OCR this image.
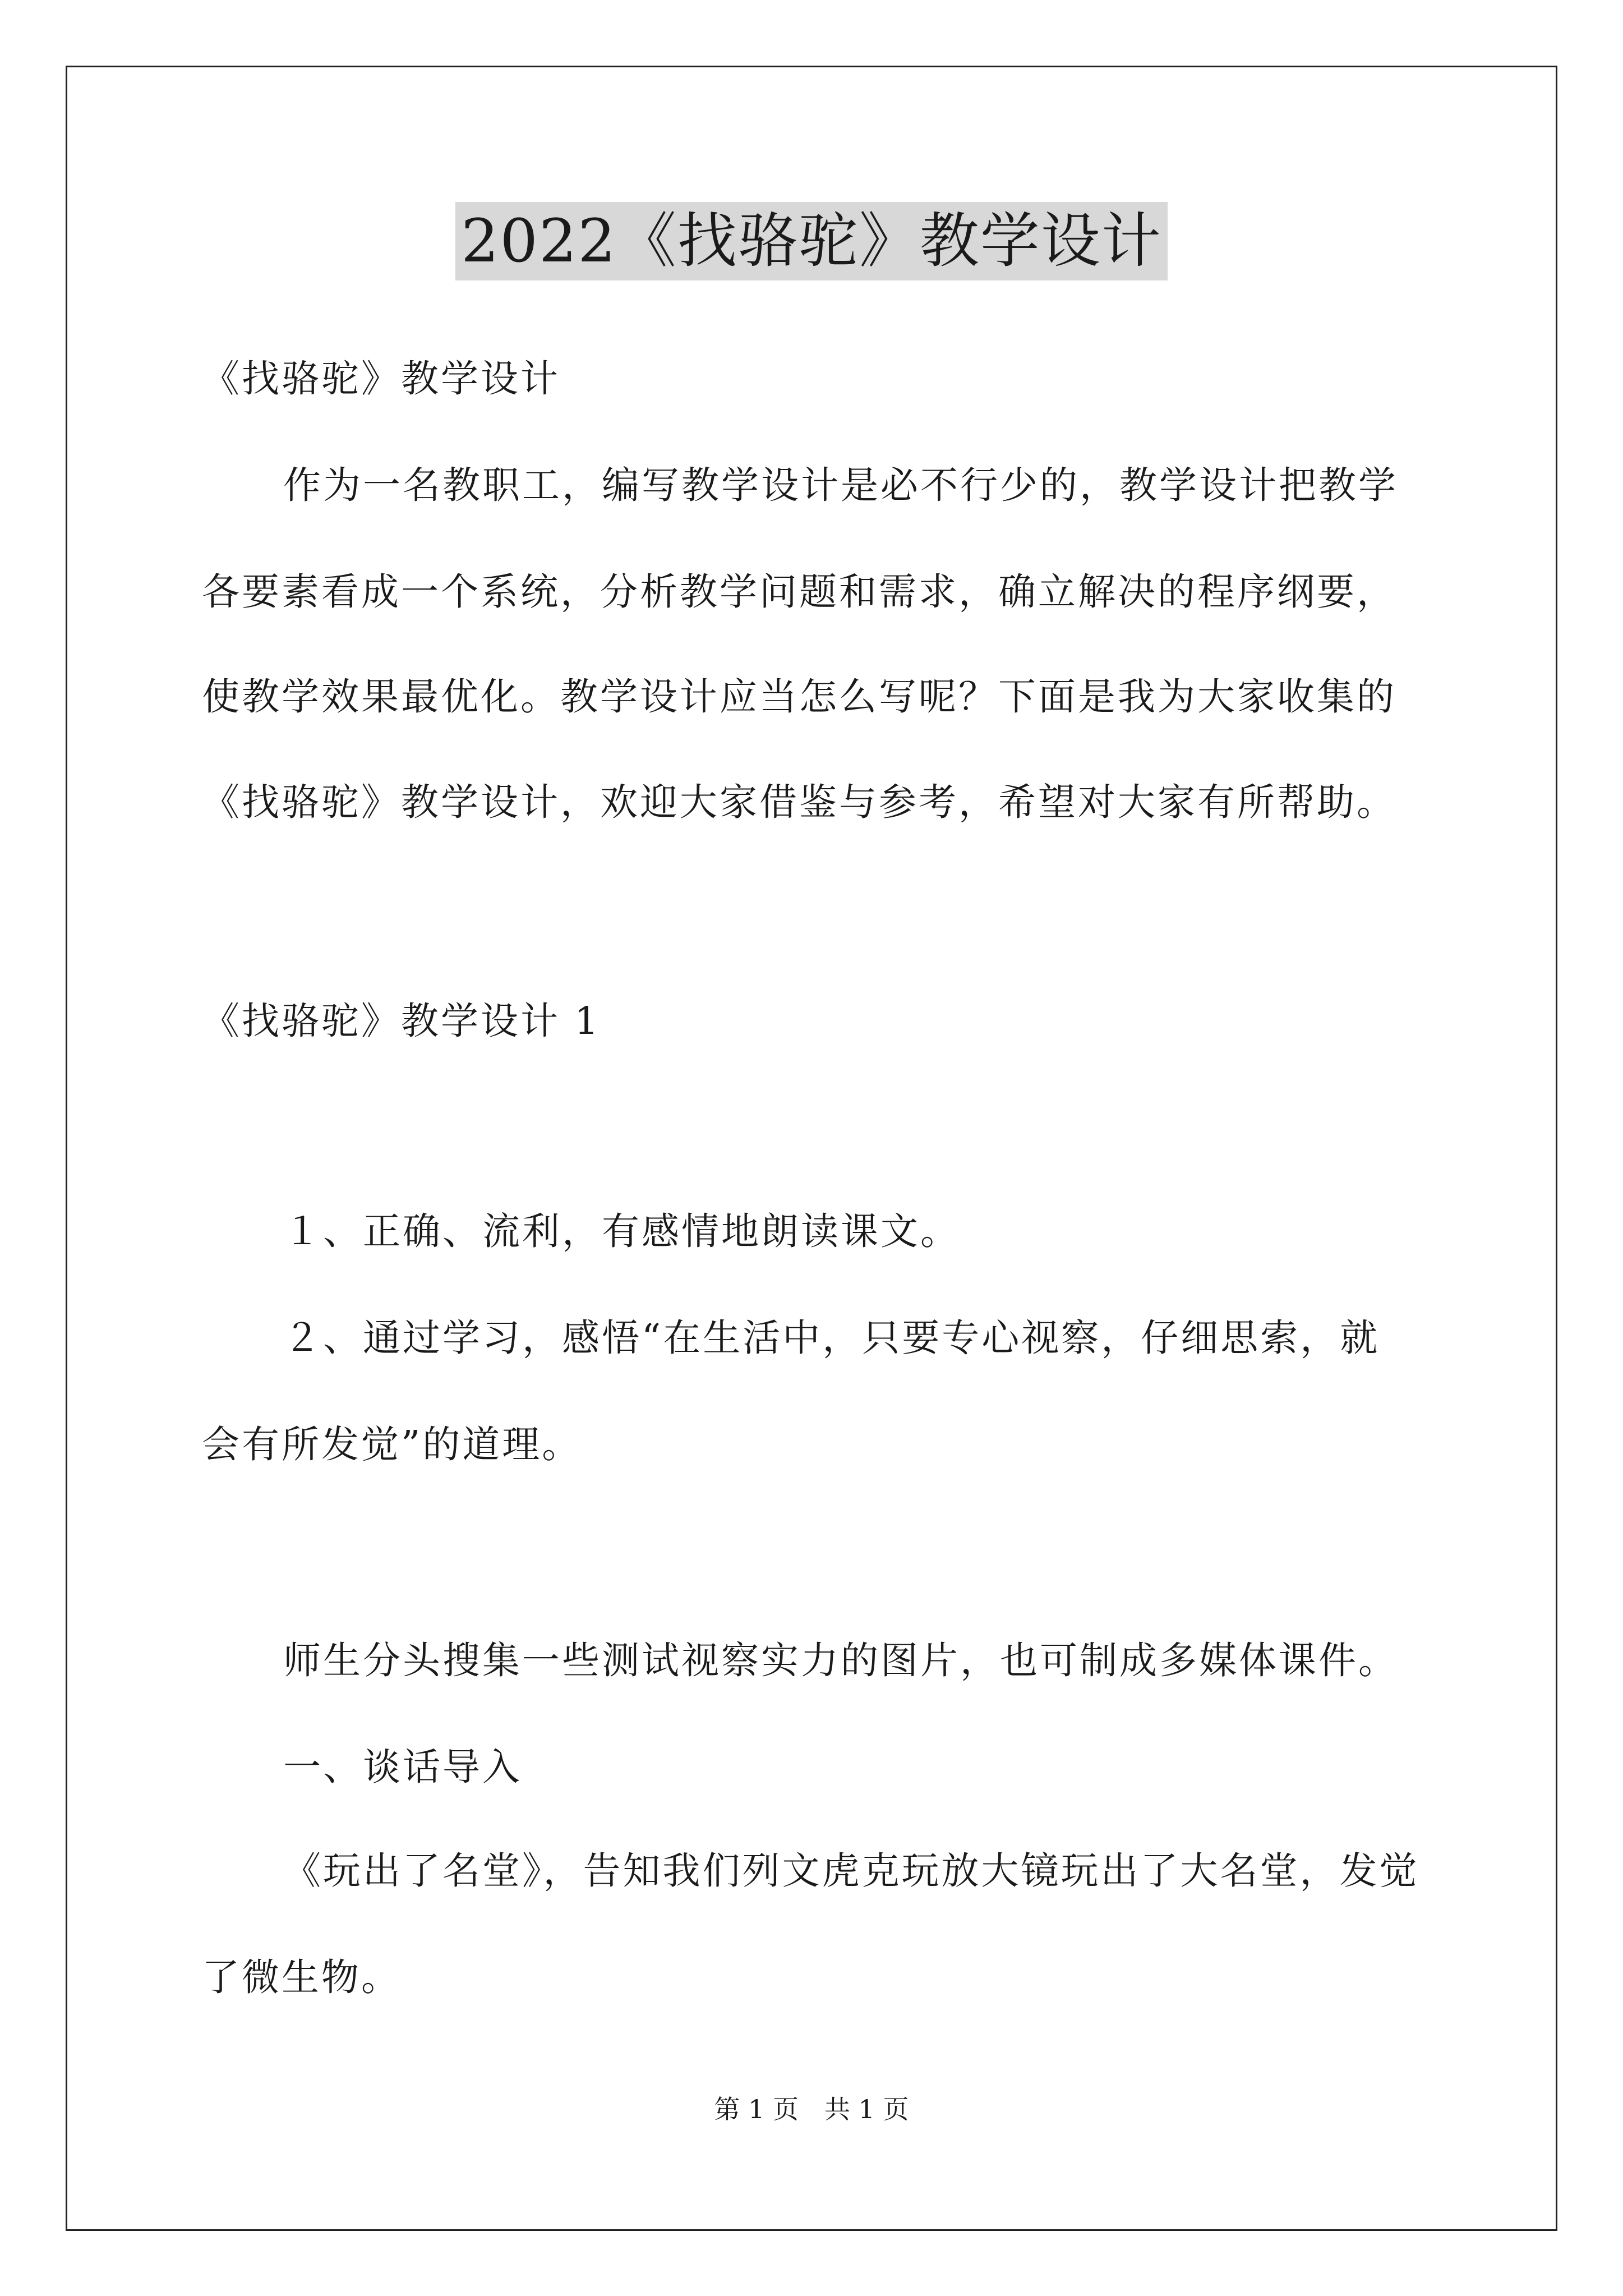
2022《找骆驼》教学设计
《找骆驼》教学设计
作为一名教职工，编写教学设计是必不行少的，教学设计把教学
各要素看成一个系统，分析教学问题和需求，确立解决的程序纲要，
使教学效果最优化。教学设计应当怎么写呢？下面是我为大家收集的
《找骆驼》教学设计，欢迎大家借鉴与参考，希望对大家有所帮助。
《找骆驼》教学设计 1
１、正确、流利，有感情地朗读课文。
２、通过学习，感悟“在生活中，只要专心视察，仔细思索，就
会有所发觉”的道理。
师生分头搜集一些测试视察实力的图片，也可制成多媒体课件。
一、谈话导入
《玩出了名堂》，告知我们列文虎克玩放大镜玩出了大名堂，发觉
了微生物。
第 1 页　共 1 页
